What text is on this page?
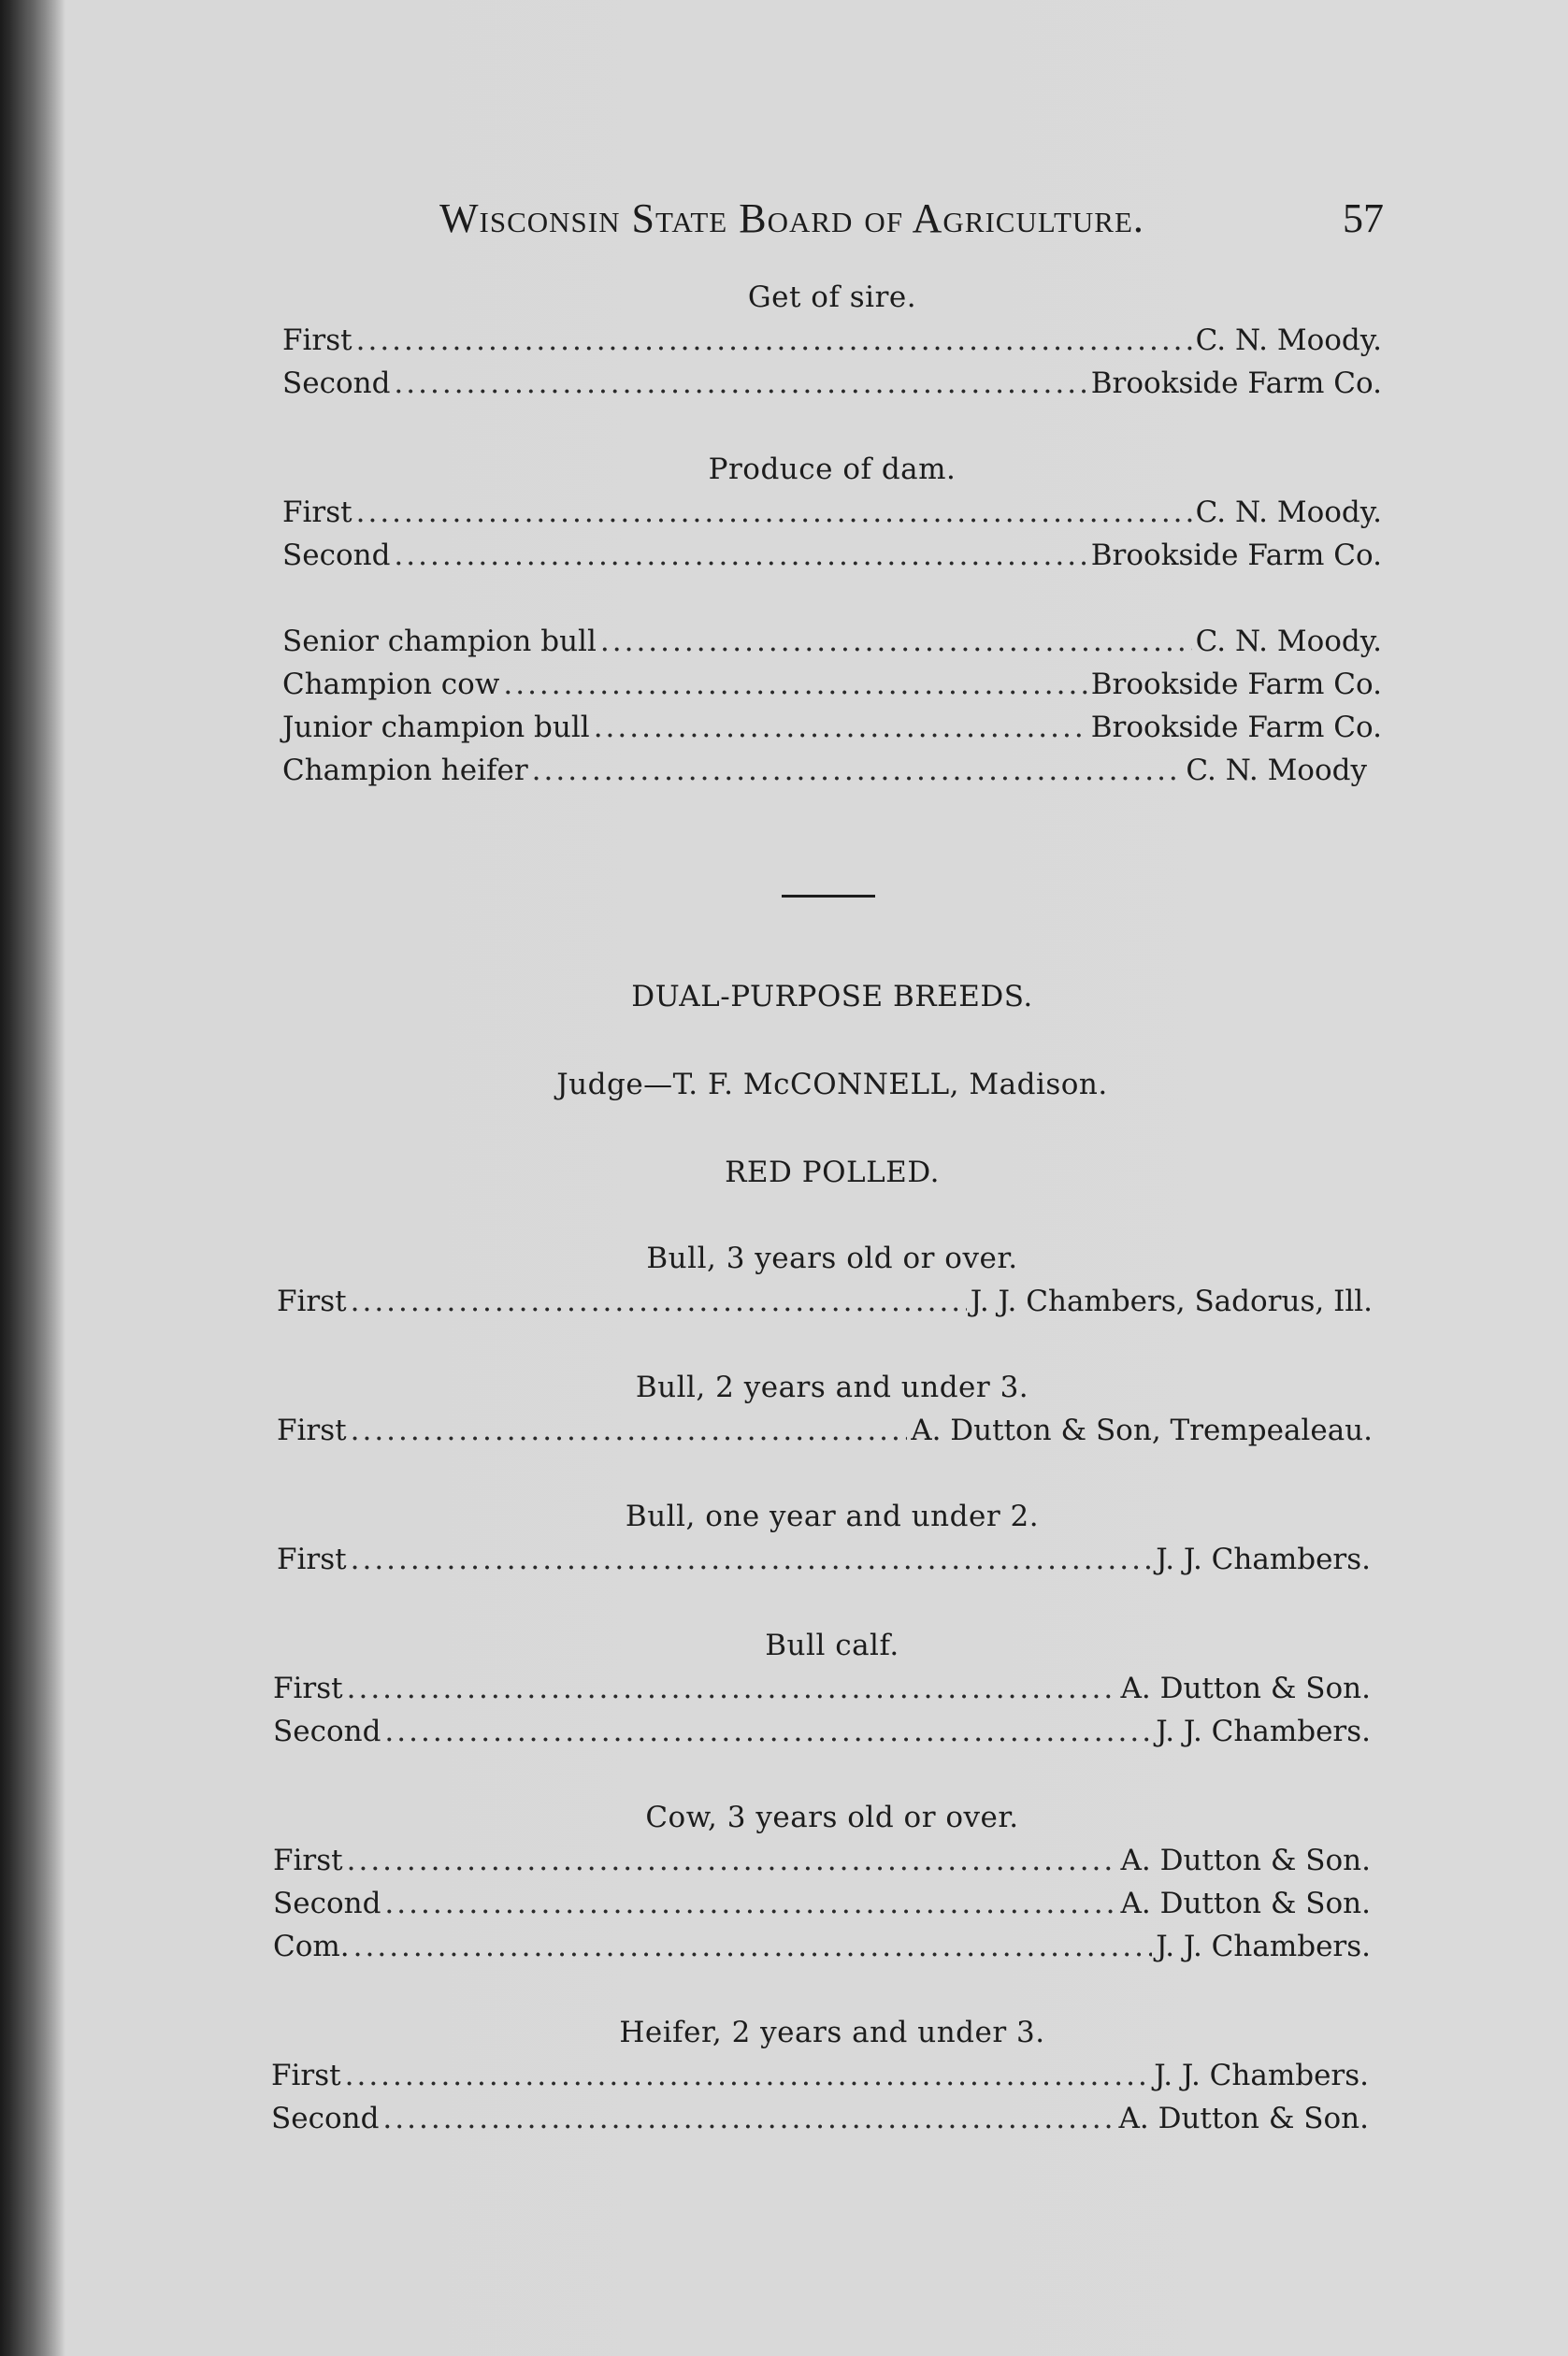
Wisconsin State Board of Agriculture.	57
Get of sire.
First .....	C. N. Moody.
Second .....	Brookside Farm Co.
Produce of dam.
First .....	C. N. Moody.
Second .....	Brookside Farm Co.
Senior champion bull .....	C. N. Moody.
Champion cow .....	Brookside Farm Co.
Junior champion bull .....	Brookside Farm Co.
Champion heifer .....	C. N. Moody
DUAL-PURPOSE BREEDS.
Judge—T. F. McCONNELL, Madison.
RED POLLED.
Bull, 3 years old or over.
First .....	J. J. Chambers, Sadorus, Ill.
Bull, 2 years and under 3.
First .....	A. Dutton & Son, Trempealeau.
Bull, one year and under 2.
First .....	J. J. Chambers.
Bull calf.
First .....	A. Dutton & Son.
Second .....	J. J. Chambers.
Cow, 3 years old or over.
First .....	A. Dutton & Son.
Second .....	A. Dutton & Son.
Com. .....	J. J. Chambers.
Heifer, 2 years and under 3.
First .....	J. J. Chambers.
Second .....	A. Dutton & Son.
